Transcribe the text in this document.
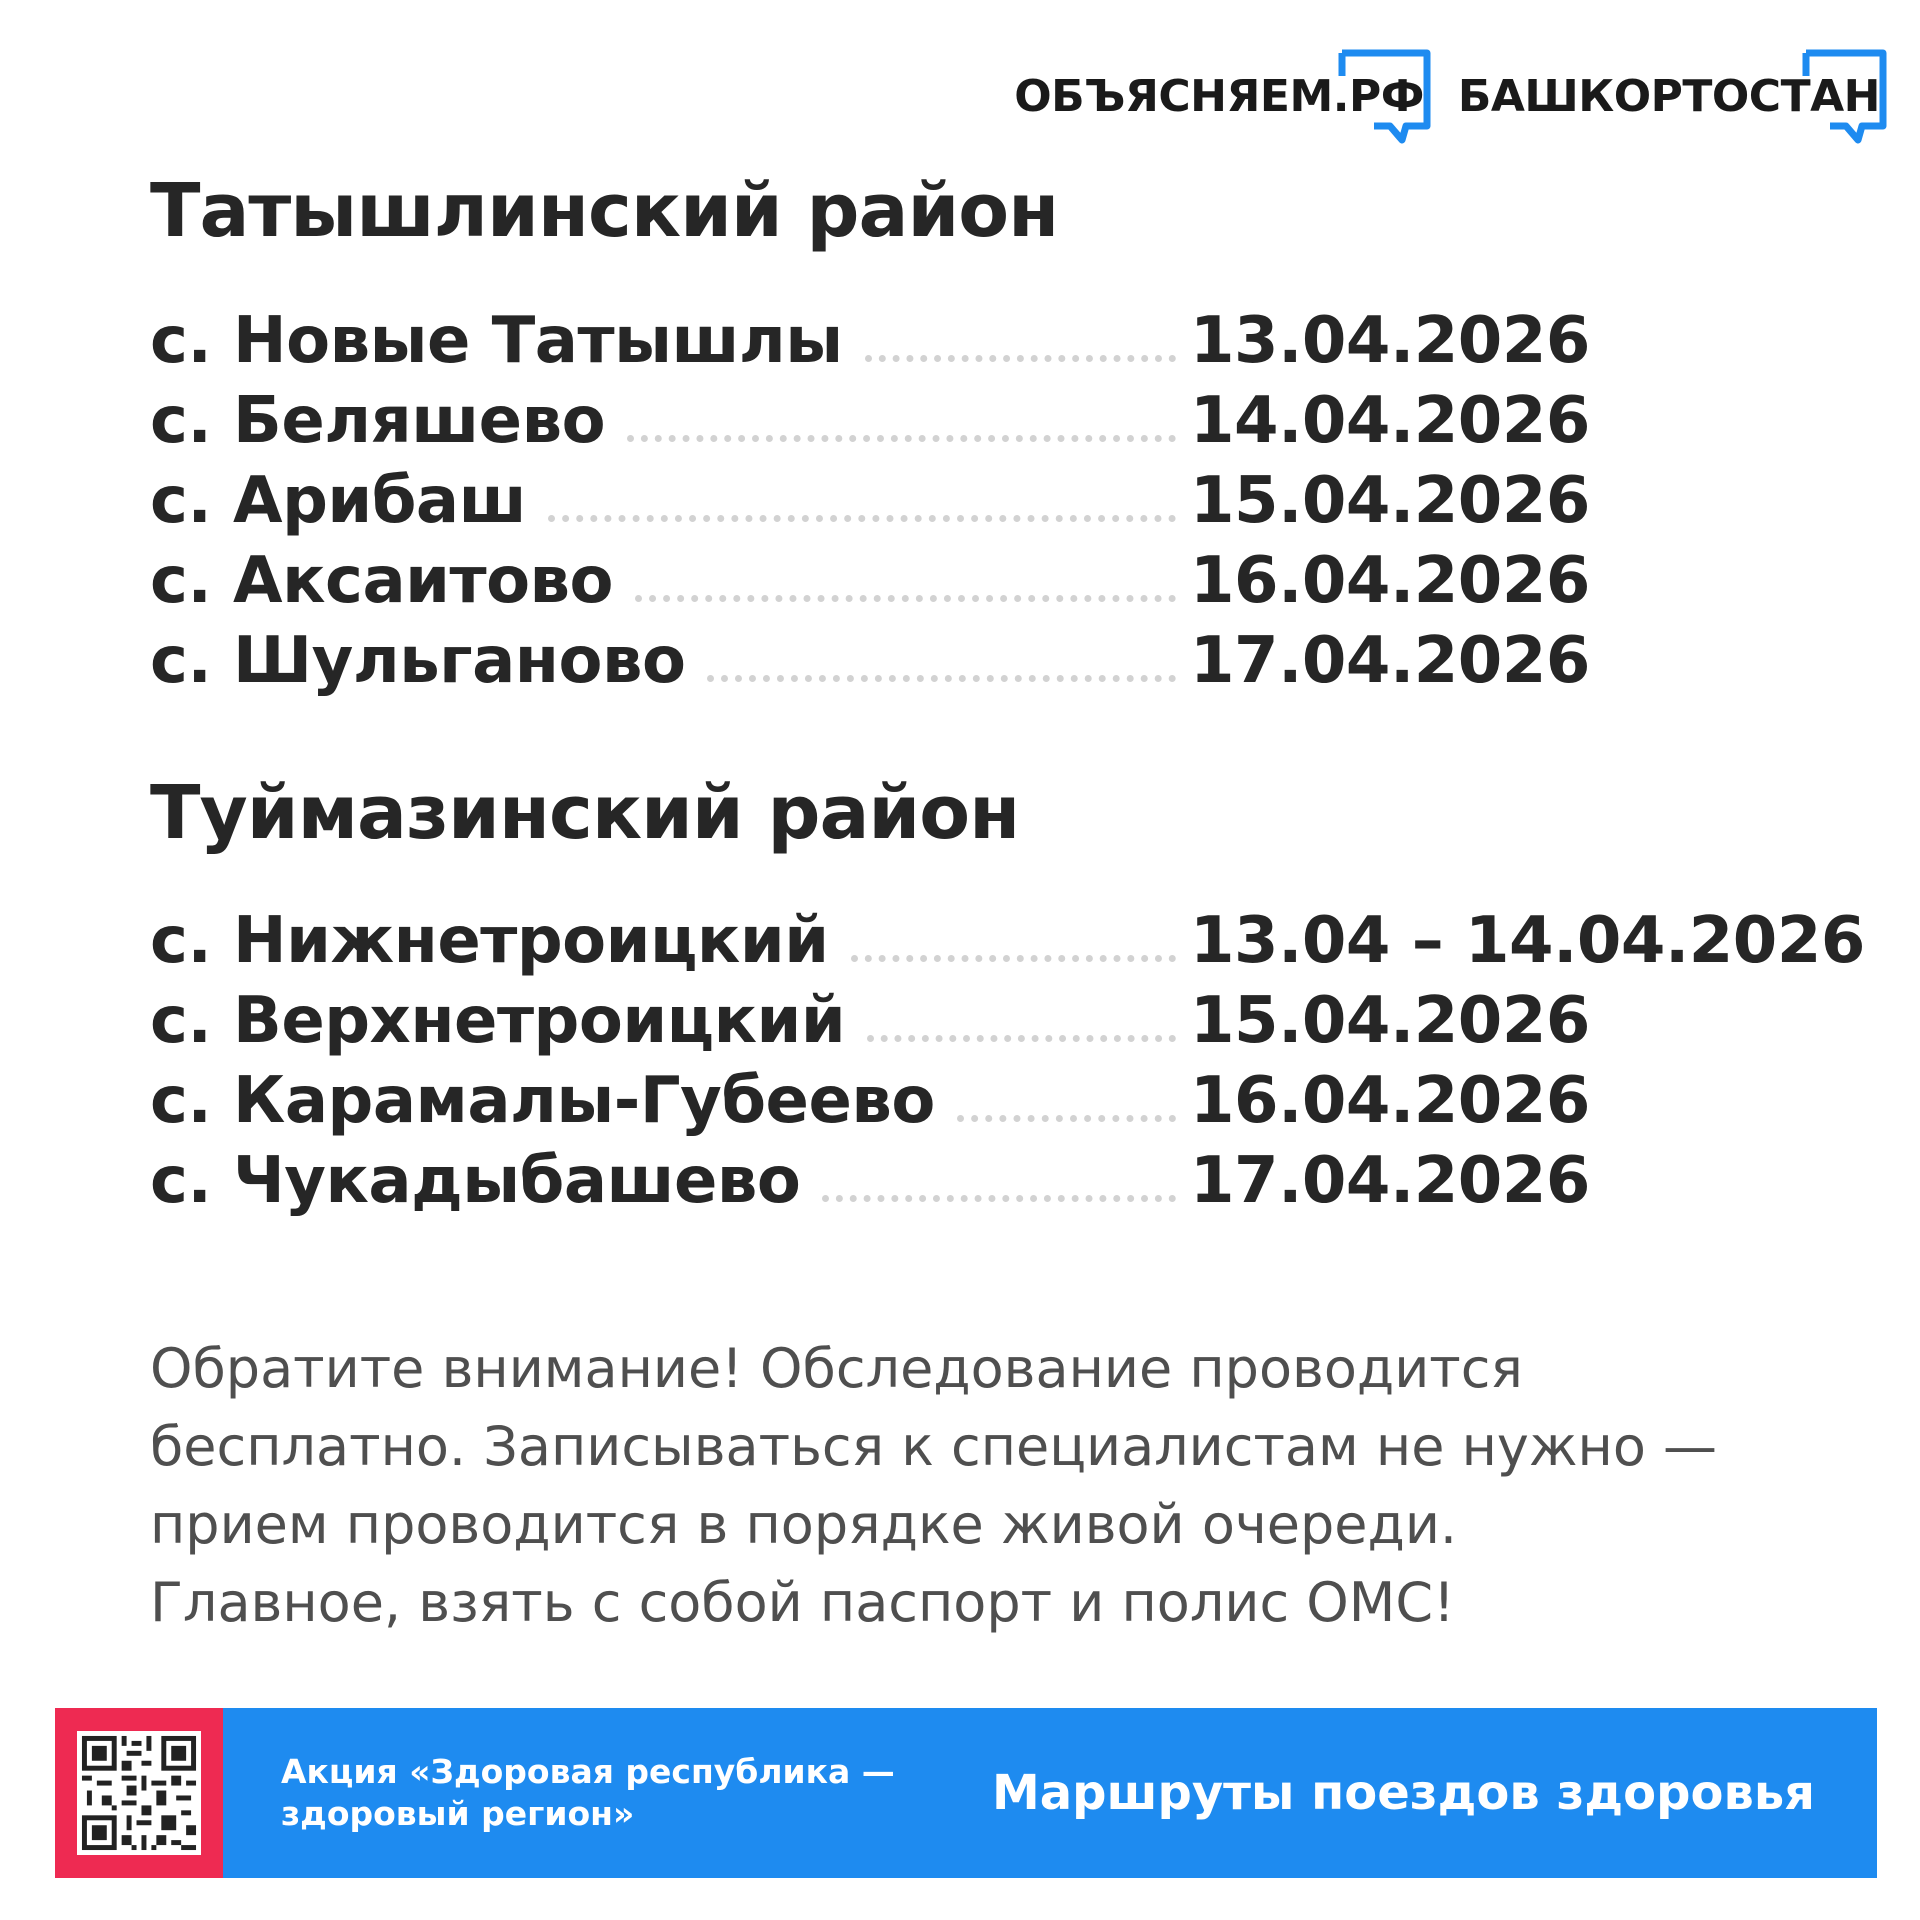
ОБЪЯСНЯЕМ.РФ БАШКОРТОСТАН
Татышлинский район
с. Новые Татышлы	13.04.2026
с. Беляшево	14.04.2026
с. Арибаш	15.04.2026
с. Аксаитово	16.04.2026
с. Шульганово	17.04.2026
Туймазинский район
с. Нижнетроицкий	13.04 – 14.04.2026
с. Верхнетроицкий	15.04.2026
с. Карамалы-Губеево	16.04.2026
с. Чукадыбашево	17.04.2026
Обратите внимание! Обследование проводится
бесплатно. Записываться к специалистам не нужно —
прием проводится в порядке живой очереди.
Главное, взять с собой паспорт и полис ОМС!
Акция «Здоровая республика —
здоровый регион»	Маршруты поездов здоровья
